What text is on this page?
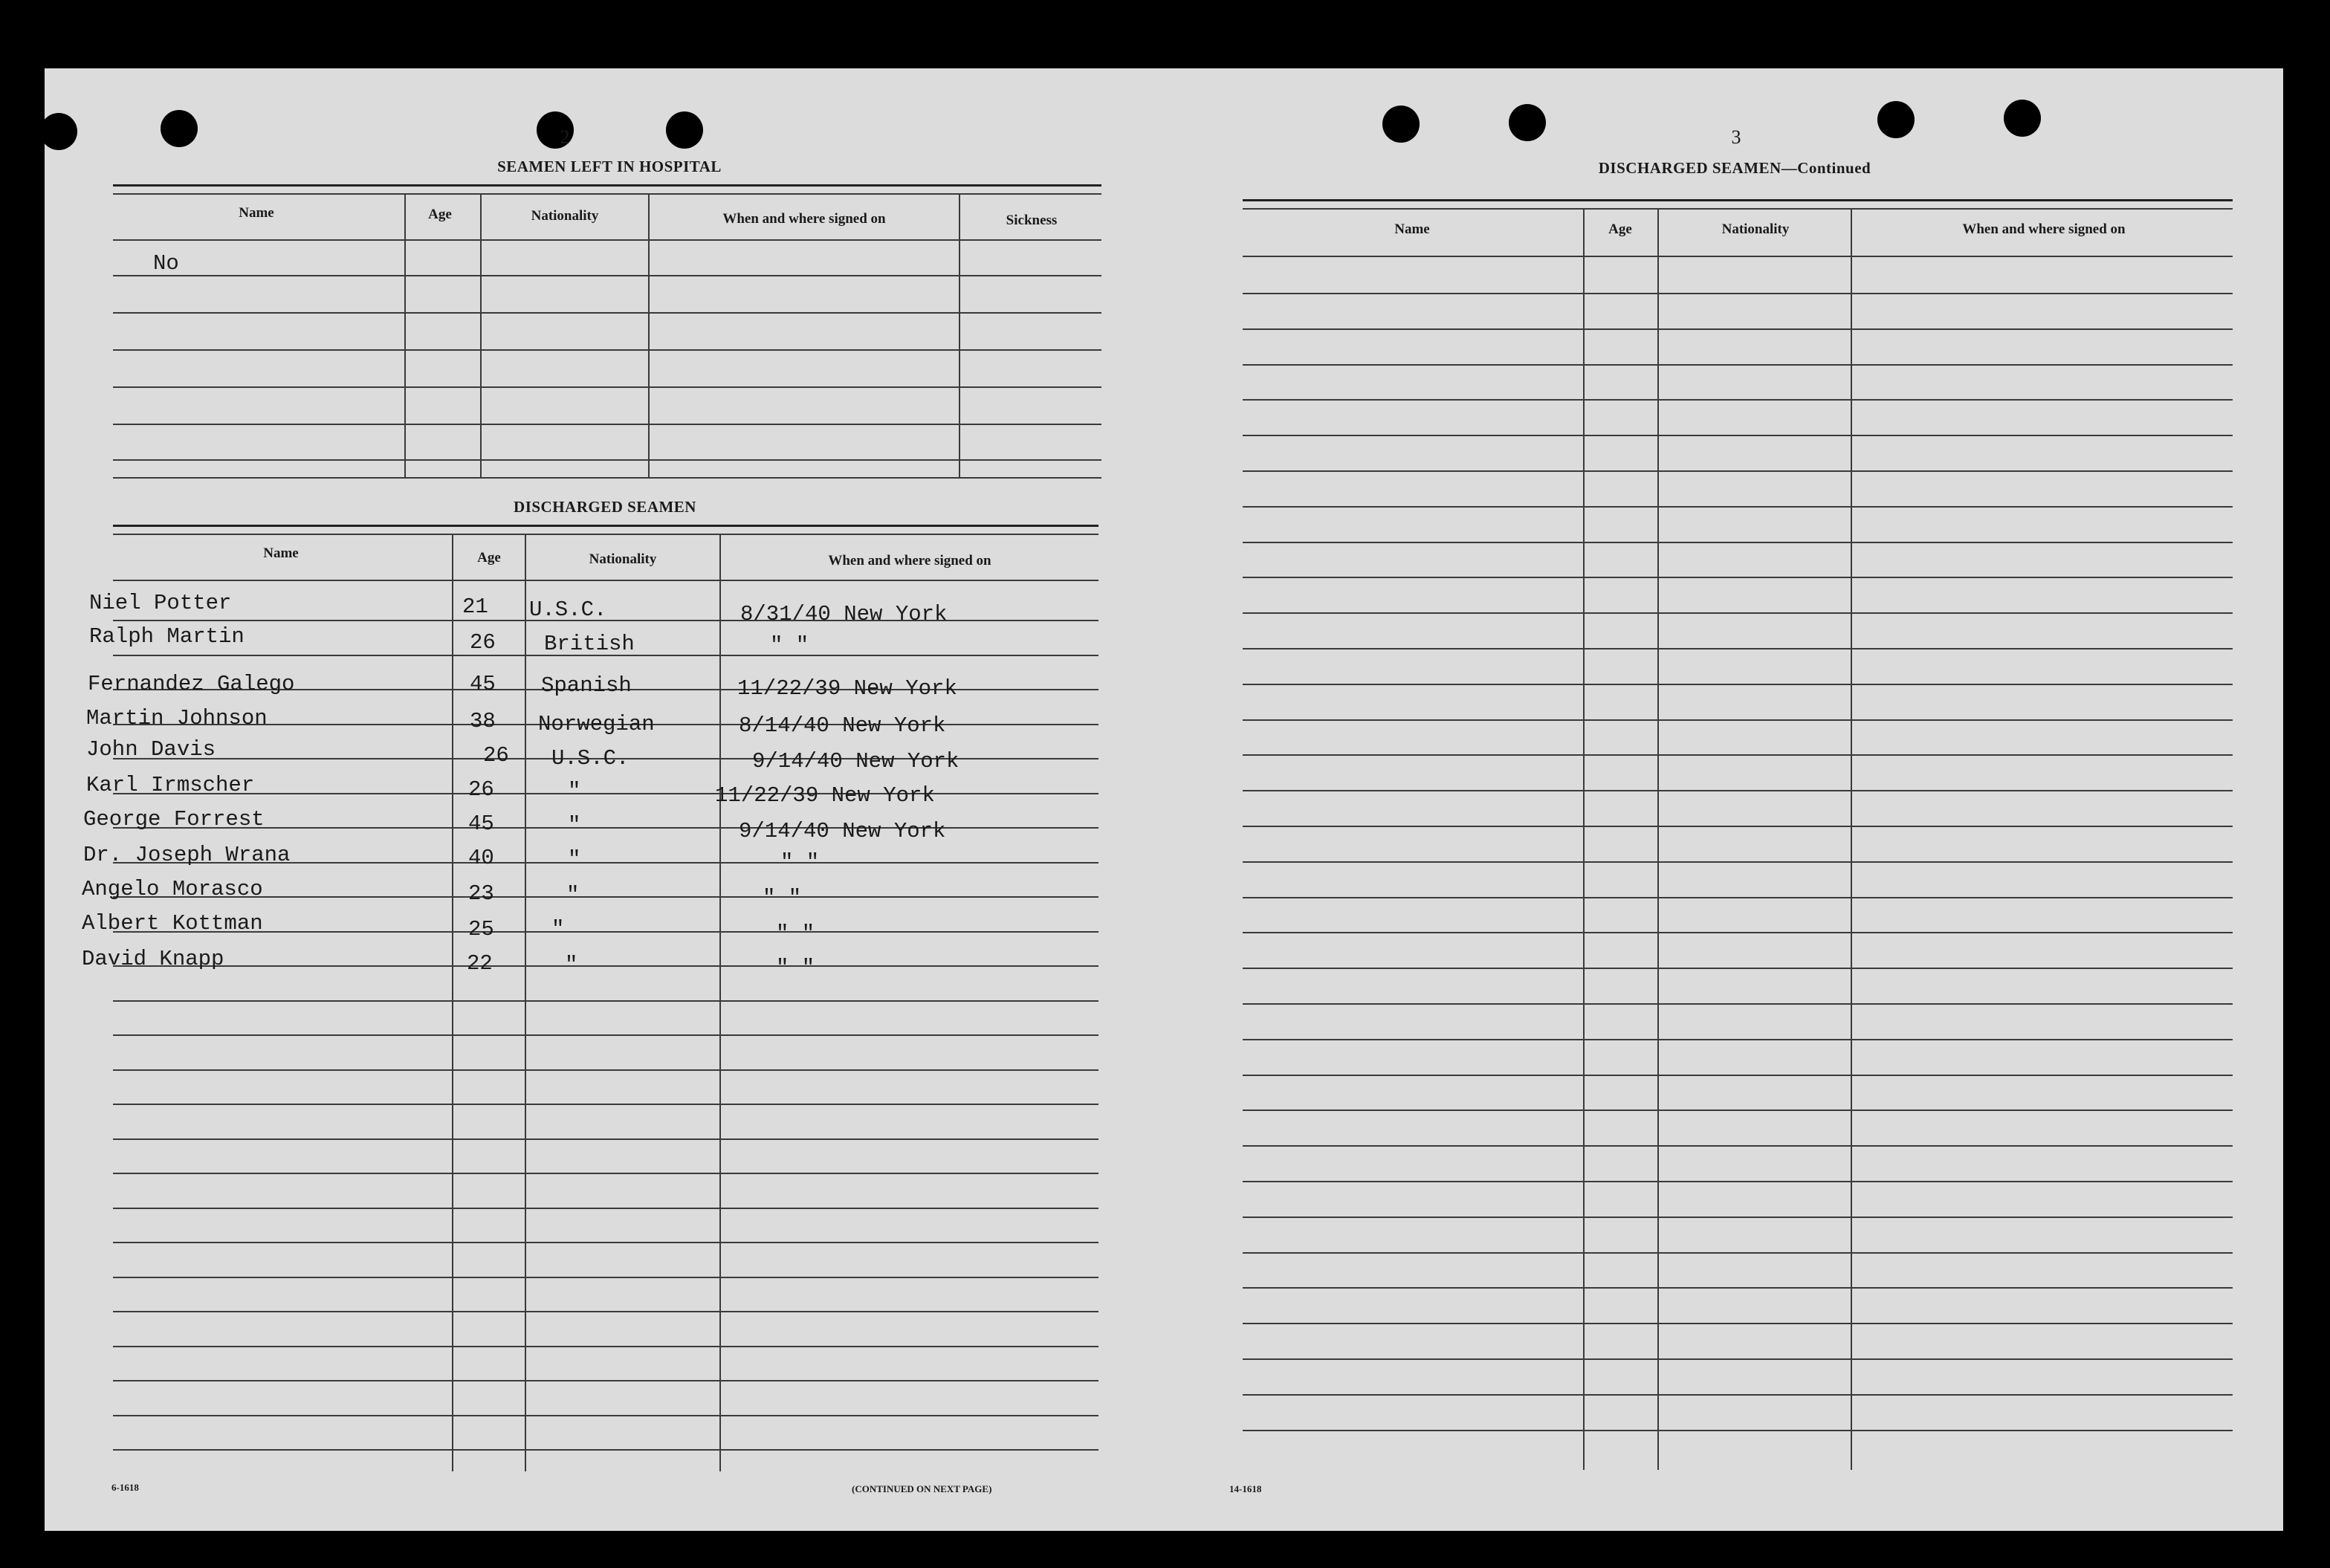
2
SEAMEN LEFT IN HOSPITAL
Name	Age	Nationality	When and where signed on	Sickness
No
DISCHARGED SEAMEN
Name	Age	Nationality	When and where signed on
Niel Potter	21 U.S.C.	8/31/40 New York
Ralph Martin	26 British	" "
Fernandez Galego	45 Spanish	11/22/39 New York
Martin Johnson	38 Norwegian	8/14/40 New York
John Davis	26 U.S.C.	9/14/40 New York
Karl Irmscher	26	"	11/22/39 New York
George Forrest	45	"	9/14/40 New York
Dr. Joseph Wrana	40	"	" "
Angelo Morasco	23	"	" "
Albert Kottman	25	"	" "
David Knapp	22	"	" "
6-1618	(CONTINUED ON NEXT PAGE)
3
DISCHARGED SEAMEN—Continued
Name	Age	Nationality	When and where signed on
14-1618
